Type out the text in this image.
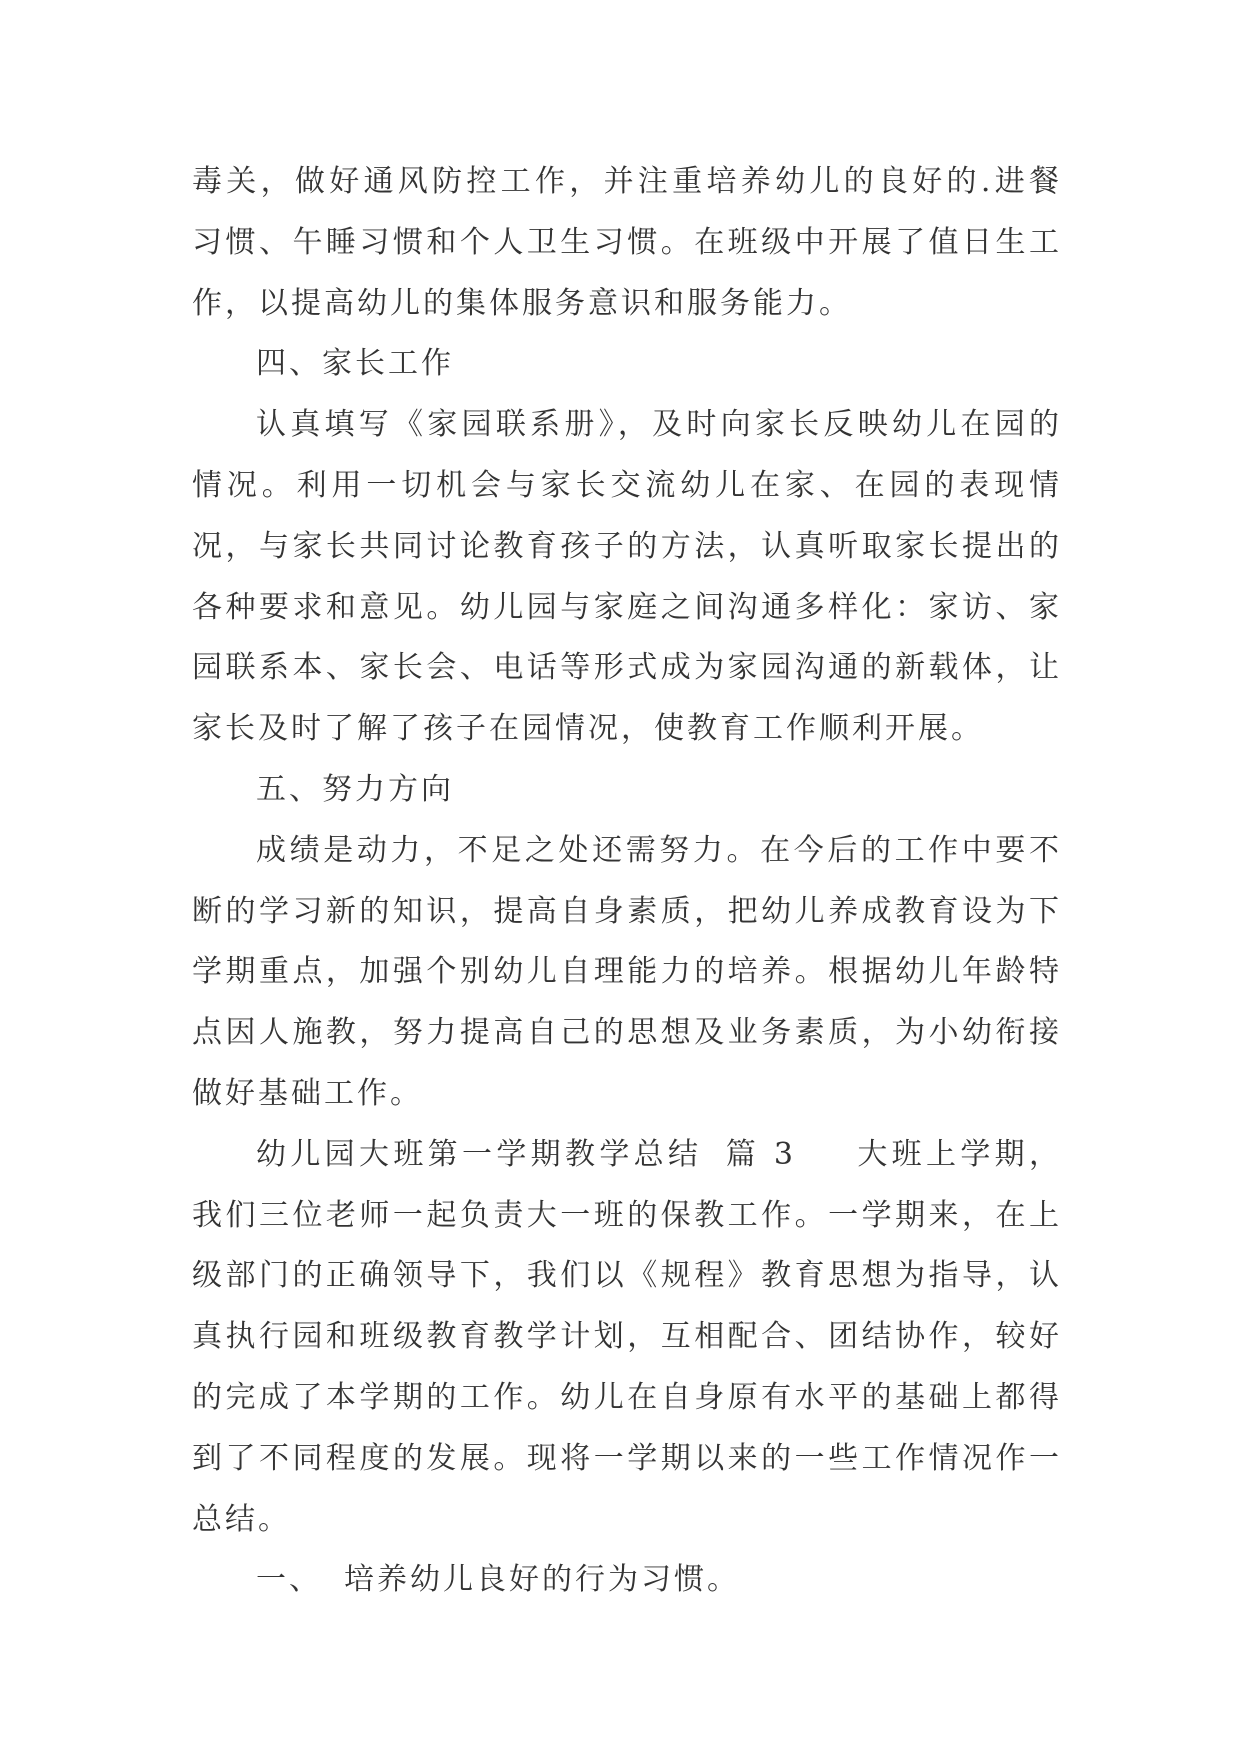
毒关，做好通风防控工作，并注重培养幼儿的良好的.进餐习惯、午睡习惯和个人卫生习惯。在班级中开展了值日生工作，以提高幼儿的集体服务意识和服务能力。

四、家长工作

认真填写《家园联系册》，及时向家长反映幼儿在园的情况。利用一切机会与家长交流幼儿在家、在园的表现情况，与家长共同讨论教育孩子的方法，认真听取家长提出的各种要求和意见。幼儿园与家庭之间沟通多样化：家访、家园联系本、家长会、电话等形式成为家园沟通的新载体，让家长及时了解了孩子在园情况，使教育工作顺利开展。

五、努力方向

成绩是动力，不足之处还需努力。在今后的工作中要不断的学习新的知识，提高自身素质，把幼儿养成教育设为下学期重点，加强个别幼儿自理能力的培养。根据幼儿年龄特点因人施教，努力提高自己的思想及业务素质，为小幼衔接做好基础工作。

幼儿园大班第一学期教学总结 篇 3 大班上学期，我们三位老师一起负责大一班的保教工作。一学期来，在上级部门的正确领导下，我们以《规程》教育思想为指导，认真执行园和班级教育教学计划，互相配合、团结协作，较好的完成了本学期的工作。幼儿在自身原有水平的基础上都得到了不同程度的发展。现将一学期以来的一些工作情况作一总结。

一、 培养幼儿良好的行为习惯。
